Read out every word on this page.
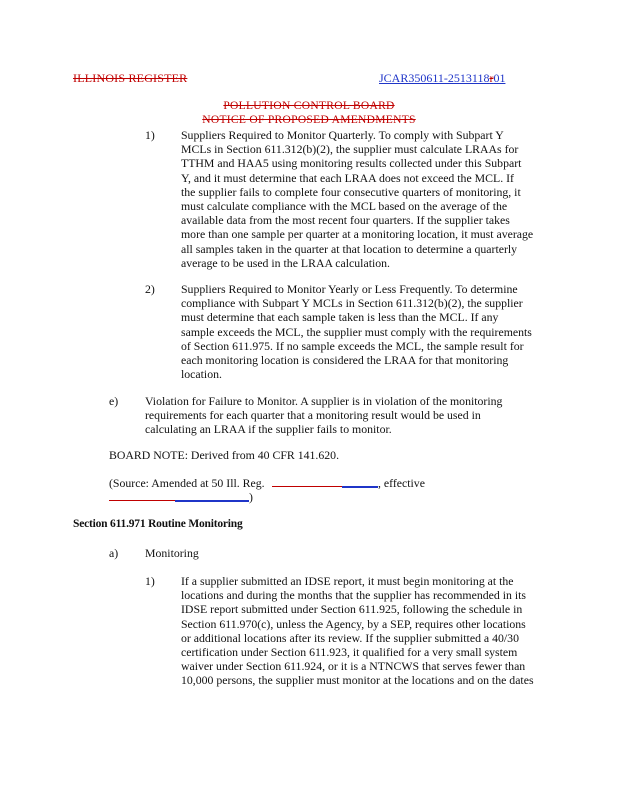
ILLINOIS REGISTER	JCAR350611-2513118r01
POLLUTION CONTROL BOARD
NOTICE OF PROPOSED AMENDMENTS
1) Suppliers Required to Monitor Quarterly. To comply with Subpart Y
MCLs in Section 611.312(b)(2), the supplier must calculate LRAAs for
TTHM and HAA5 using monitoring results collected under this Subpart
Y, and it must determine that each LRAA does not exceed the MCL. If
the supplier fails to complete four consecutive quarters of monitoring, it
must calculate compliance with the MCL based on the average of the
available data from the most recent four quarters. If the supplier takes
more than one sample per quarter at a monitoring location, it must average
all samples taken in the quarter at that location to determine a quarterly
average to be used in the LRAA calculation.
2) Suppliers Required to Monitor Yearly or Less Frequently. To determine
compliance with Subpart Y MCLs in Section 611.312(b)(2), the supplier
must determine that each sample taken is less than the MCL. If any
sample exceeds the MCL, the supplier must comply with the requirements
of Section 611.975. If no sample exceeds the MCL, the sample result for
each monitoring location is considered the LRAA for that monitoring
location.
e) Violation for Failure to Monitor. A supplier is in violation of the monitoring
requirements for each quarter that a monitoring result would be used in
calculating an LRAA if the supplier fails to monitor.
BOARD NOTE: Derived from 40 CFR 141.620.
(Source: Amended at 50 Ill. Reg.	, effective
)
Section 611.971 Routine Monitoring
a) Monitoring
1) If a supplier submitted an IDSE report, it must begin monitoring at the
locations and during the months that the supplier has recommended in its
IDSE report submitted under Section 611.925, following the schedule in
Section 611.970(c), unless the Agency, by a SEP, requires other locations
or additional locations after its review. If the supplier submitted a 40/30
certification under Section 611.923, it qualified for a very small system
waiver under Section 611.924, or it is a NTNCWS that serves fewer than
10,000 persons, the supplier must monitor at the locations and on the dates
